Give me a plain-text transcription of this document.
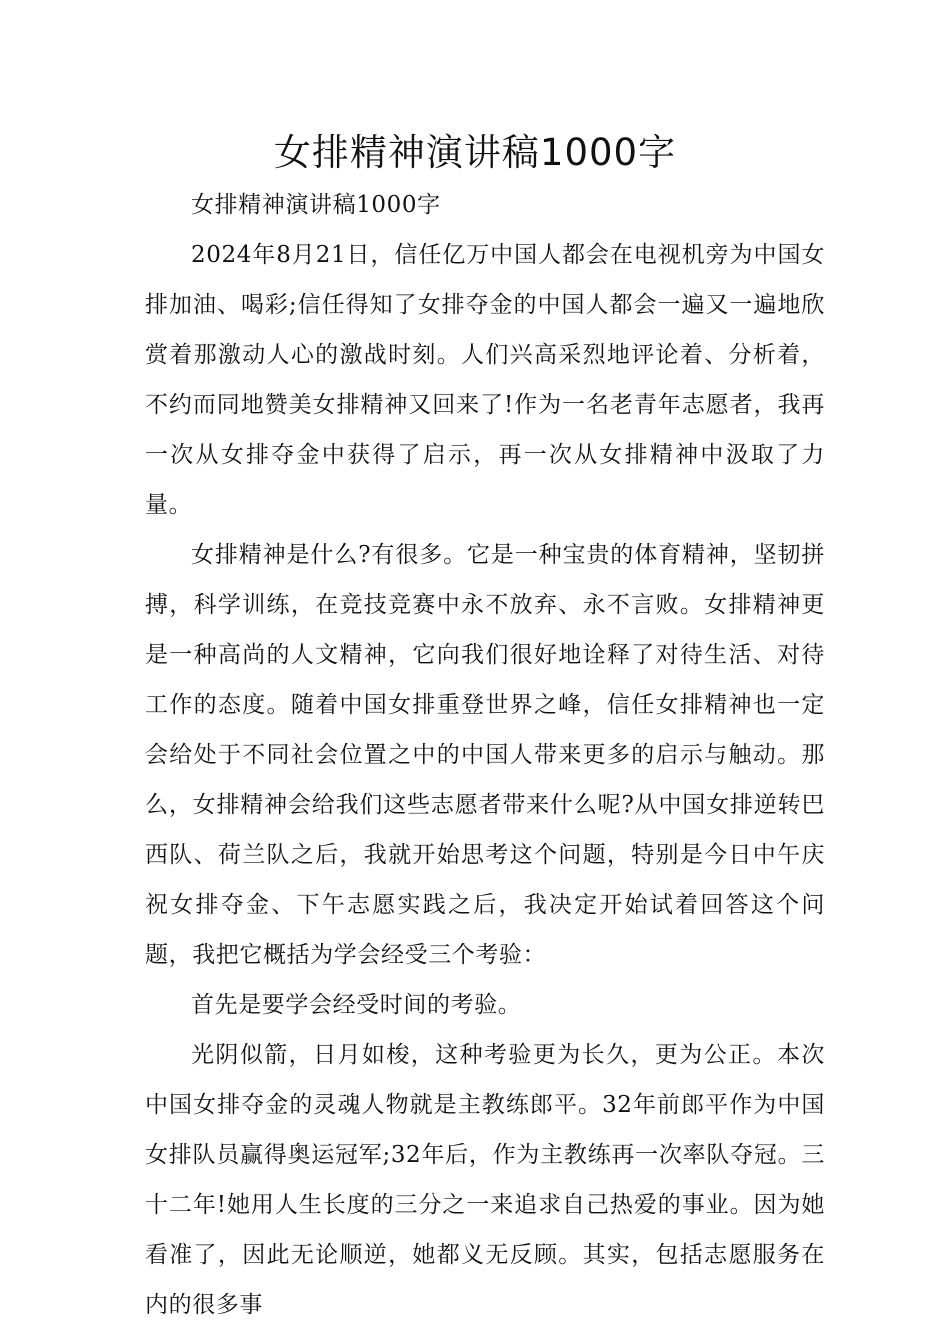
女排精神演讲稿1000字

女排精神演讲稿1000字

2024年8月21日，信任亿万中国人都会在电视机旁为中国女排加油、喝彩;信任得知了女排夺金的中国人都会一遍又一遍地欣赏着那激动人心的激战时刻。人们兴高采烈地评论着、分析着，不约而同地赞美女排精神又回来了!作为一名老青年志愿者，我再一次从女排夺金中获得了启示，再一次从女排精神中汲取了力量。

女排精神是什么?有很多。它是一种宝贵的体育精神，坚韧拼搏，科学训练，在竞技竞赛中永不放弃、永不言败。女排精神更是一种高尚的人文精神，它向我们很好地诠释了对待生活、对待工作的态度。随着中国女排重登世界之峰，信任女排精神也一定会给处于不同社会位置之中的中国人带来更多的启示与触动。那么，女排精神会给我们这些志愿者带来什么呢?从中国女排逆转巴西队、荷兰队之后，我就开始思考这个问题，特别是今日中午庆祝女排夺金、下午志愿实践之后，我决定开始试着回答这个问题，我把它概括为学会经受三个考验：

首先是要学会经受时间的考验。

光阴似箭，日月如梭，这种考验更为长久，更为公正。本次中国女排夺金的灵魂人物就是主教练郎平。32年前郎平作为中国女排队员赢得奥运冠军;32年后，作为主教练再一次率队夺冠。三十二年!她用人生长度的三分之一来追求自己热爱的事业。因为她看准了，因此无论顺逆，她都义无反顾。其实，包括志愿服务在内的很多事
